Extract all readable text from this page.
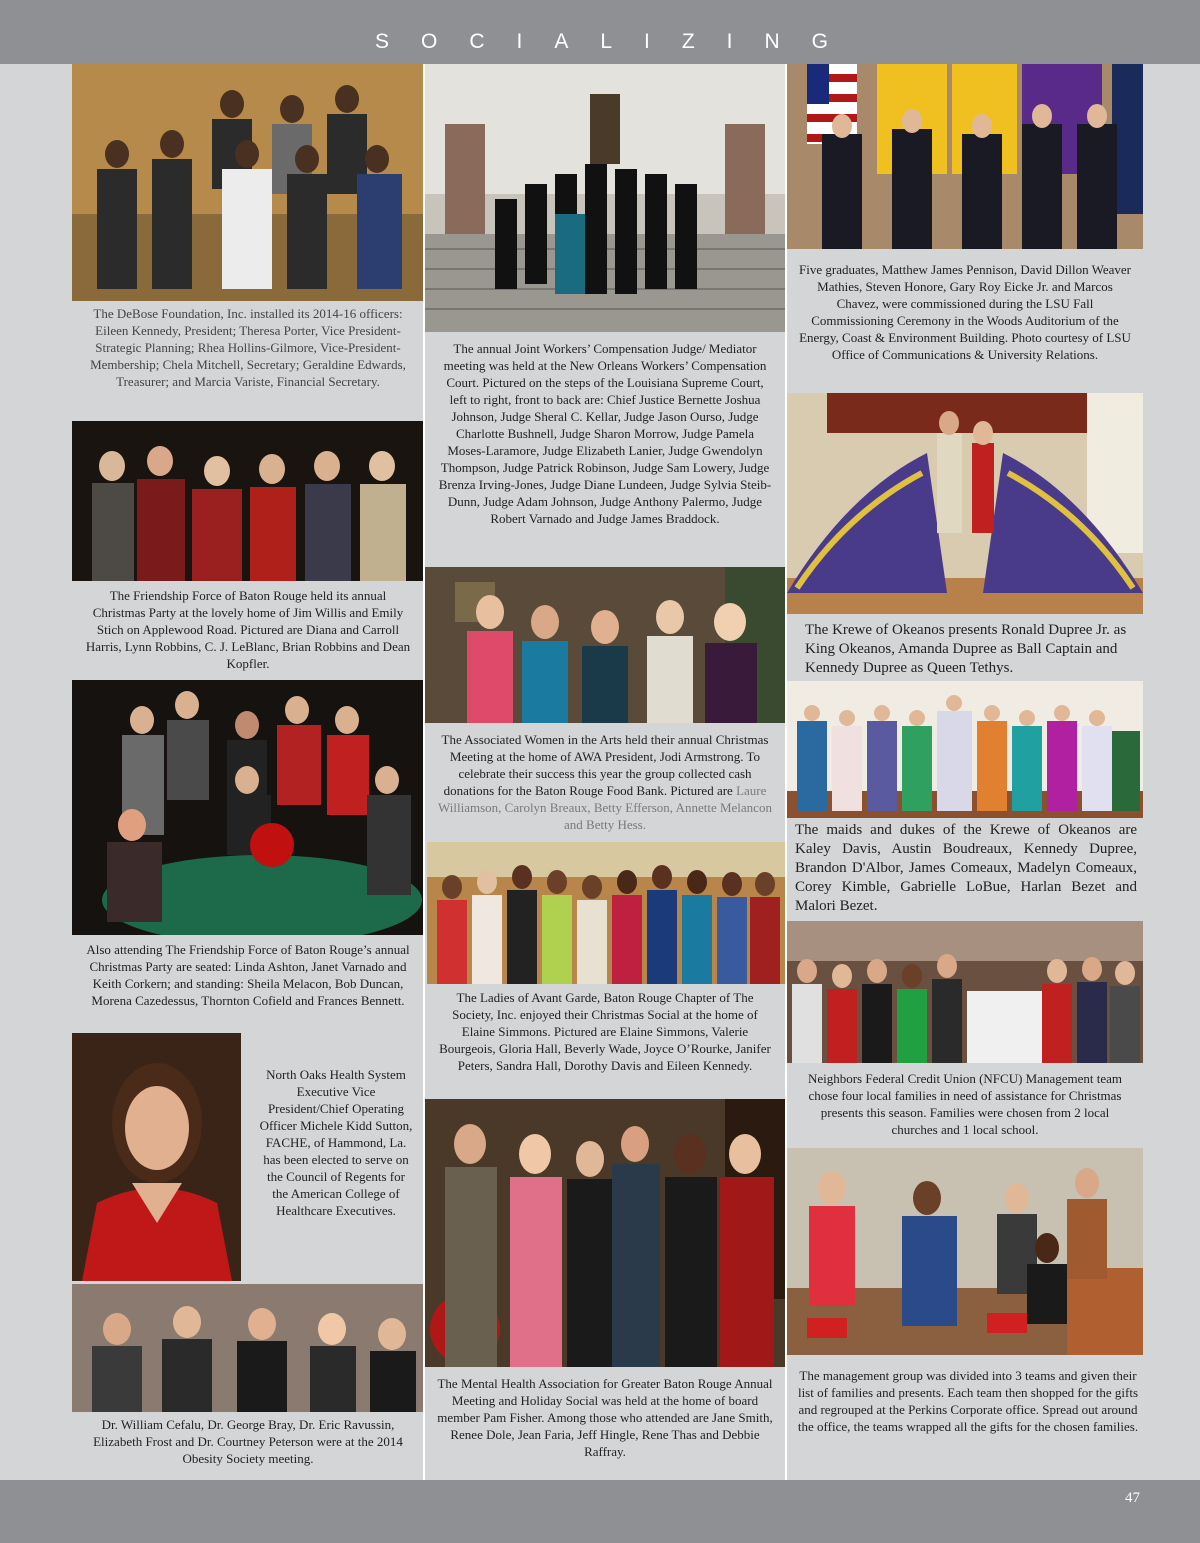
SOCIALIZING
The DeBose Foundation, Inc. installed its 2014-16 officers: Eileen Kennedy, President; Theresa Porter, Vice President-Strategic Planning; Rhea Hollins-Gilmore, Vice-President-Membership; Chela Mitchell, Secretary; Geraldine Edwards, Treasurer; and Marcia Variste, Financial Secretary.
The Friendship Force of Baton Rouge held its annual Christmas Party at the lovely home of Jim Willis and Emily Stich on Applewood Road. Pictured are Diana and Carroll Harris, Lynn Robbins, C. J. LeBlanc, Brian Robbins and Dean Kopfler.
Also attending The Friendship Force of Baton Rouge’s annual Christmas Party are seated: Linda Ashton, Janet Varnado and Keith Corkern; and standing: Sheila Melacon, Bob Duncan, Morena Cazedessus, Thornton Cofield and Frances Bennett.
North Oaks Health System Executive Vice President/Chief Operating Officer Michele Kidd Sutton, FACHE, of Hammond, La. has been elected to serve on the Council of Regents for the American College of Healthcare Executives.
Dr. William Cefalu, Dr. George Bray, Dr. Eric Ravussin, Elizabeth Frost and Dr. Courtney Peterson were at the 2014 Obesity Society meeting.
The annual Joint Workers’ Compensation Judge/ Mediator meeting was held at the New Orleans Workers’ Compensation Court. Pictured on the steps of the Louisiana Supreme Court, left to right, front to back are: Chief Justice Bernette Joshua Johnson, Judge Sheral C. Kellar, Judge Jason Ourso, Judge Charlotte Bushnell, Judge Sharon Morrow, Judge Pamela Moses-Laramore, Judge Elizabeth Lanier, Judge Gwendolyn Thompson, Judge Patrick Robinson, Judge Sam Lowery, Judge Brenza Irving-Jones, Judge Diane Lundeen, Judge Sylvia Steib-Dunn, Judge Adam Johnson, Judge Anthony Palermo, Judge Robert Varnado and Judge James Braddock.
The Associated Women in the Arts held their annual Christmas Meeting at the home of AWA President, Jodi Armstrong. To celebrate their success this year the group collected cash donations for the Baton Rouge Food Bank. Pictured are Laure Williamson, Carolyn Breaux, Betty Efferson, Annette Melancon and Betty Hess.
The Ladies of Avant Garde, Baton Rouge Chapter of The Society, Inc. enjoyed their Christmas Social at the home of Elaine Simmons. Pictured are Elaine Simmons, Valerie Bourgeois, Gloria Hall, Beverly Wade, Joyce O’Rourke, Janifer Peters, Sandra Hall, Dorothy Davis and Eileen Kennedy.
The Mental Health Association for Greater Baton Rouge Annual Meeting and Holiday Social was held at the home of board member Pam Fisher. Among those who attended are Jane Smith, Renee Dole, Jean Faria, Jeff Hingle, Rene Thas and Debbie Raffray.
Five graduates, Matthew James Pennison, David Dillon Weaver Mathies, Steven Honore, Gary Roy Eicke Jr. and Marcos Chavez, were commissioned during the LSU Fall Commissioning Ceremony in the Woods Auditorium of the Energy, Coast & Environment Building. Photo courtesy of LSU Office of Communications & University Relations.
The Krewe of Okeanos presents Ronald Dupree Jr. as King Okeanos, Amanda Dupree as Ball Captain and Kennedy Dupree as Queen Tethys.
The maids and dukes of the Krewe of Okeanos are Kaley Davis, Austin Boudreaux, Kennedy Dupree, Brandon D'Albor, James Comeaux, Madelyn Comeaux, Corey Kimble, Gabrielle LoBue, Harlan Bezet and Malori Bezet.
Neighbors Federal Credit Union (NFCU) Management team chose four local families in need of assistance for Christmas presents this season. Families were chosen from 2 local churches and 1 local school.
The management group was divided into 3 teams and given their list of families and presents. Each team then shopped for the gifts and regrouped at the Perkins Corporate office. Spread out around the office, the teams wrapped all the gifts for the chosen families.
47
